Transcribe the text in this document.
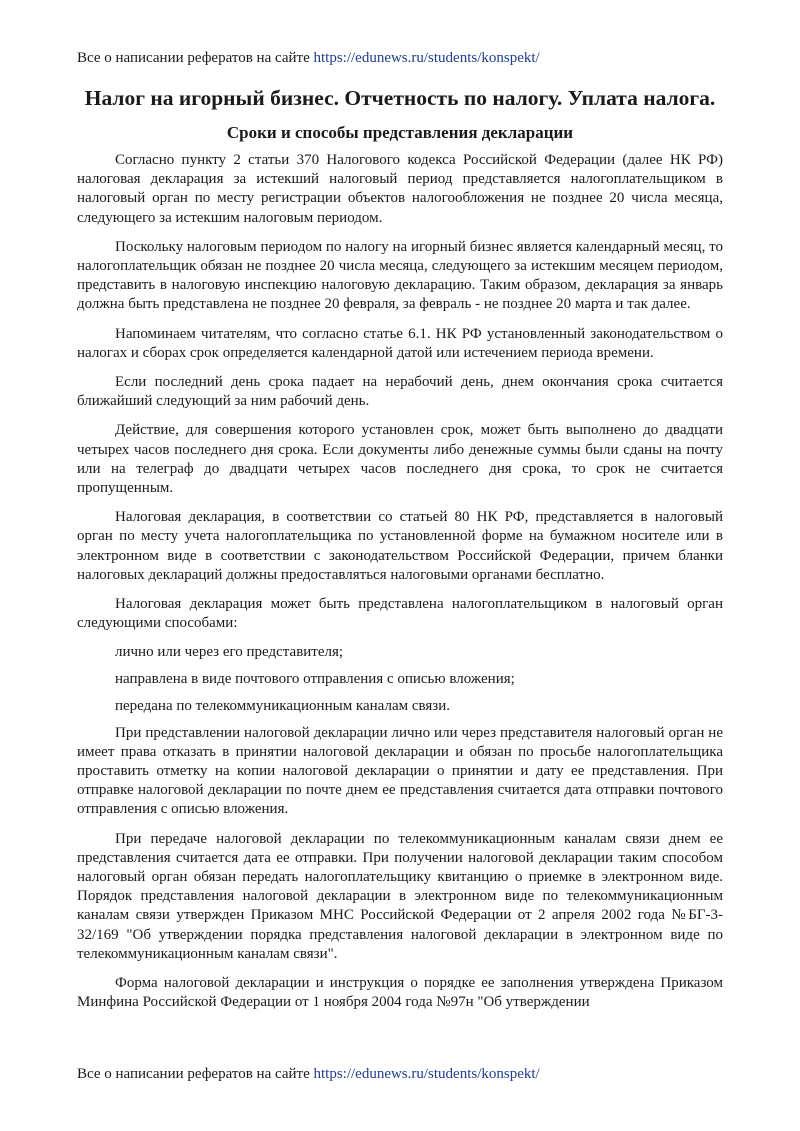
Все о написании рефератов на сайте https://edunews.ru/students/konspekt/
Налог на игорный бизнес. Отчетность по налогу. Уплата налога.
Сроки и способы представления декларации

Согласно пункту 2 статьи 370 Налогового кодекса Российской Федерации (далее НК РФ) налоговая декларация за истекший налоговый период представляется налогоплательщиком в налоговый орган по месту регистрации объектов налогообложения не позднее 20 числа месяца, следующего за истекшим налоговым периодом.

Поскольку налоговым периодом по налогу на игорный бизнес является календарный месяц, то налогоплательщик обязан не позднее 20 числа месяца, следующего за истекшим месяцем периодом, представить в налоговую инспекцию налоговую декларацию. Таким образом, декларация за январь должна быть представлена не позднее 20 февраля, за февраль - не позднее 20 марта и так далее.

Напоминаем читателям, что согласно статье 6.1. НК РФ установленный законодательством о налогах и сборах срок определяется календарной датой или истечением периода времени.

Если последний день срока падает на нерабочий день, днем окончания срока считается ближайший следующий за ним рабочий день.

Действие, для совершения которого установлен срок, может быть выполнено до двадцати четырех часов последнего дня срока. Если документы либо денежные суммы были сданы на почту или на телеграф до двадцати четырех часов последнего дня срока, то срок не считается пропущенным.

Налоговая декларация, в соответствии со статьей 80 НК РФ, представляется в налоговый орган по месту учета налогоплательщика по установленной форме на бумажном носителе или в электронном виде в соответствии с законодательством Российской Федерации, причем бланки налоговых деклараций должны предоставляться налоговыми органами бесплатно.

Налоговая декларация может быть представлена налогоплательщиком в налоговый орган следующими способами:

лично или через его представителя;

направлена в виде почтового отправления с описью вложения;

передана по телекоммуникационным каналам связи.

При представлении налоговой декларации лично или через представителя налоговый орган не имеет права отказать в принятии налоговой декларации и обязан по просьбе налогоплательщика проставить отметку на копии налоговой декларации о принятии и дату ее представления. При отправке налоговой декларации по почте днем ее представления считается дата отправки почтового отправления с описью вложения.

При передаче налоговой декларации по телекоммуникационным каналам связи днем ее представления считается дата ее отправки. При получении налоговой декларации таким способом налоговый орган обязан передать налогоплательщику квитанцию о приемке в электронном виде. Порядок представления налоговой декларации в электронном виде по телекоммуникационным каналам связи утвержден Приказом МНС Российской Федерации от 2 апреля 2002 года №БГ-3-32/169 "Об утверждении порядка представления налоговой декларации в электронном виде по телекоммуникационным каналам связи".

Форма налоговой декларации и инструкция о порядке ее заполнения утверждена Приказом Минфина Российской Федерации от 1 ноября 2004 года №97н "Об утверждении

Все о написании рефератов на сайте https://edunews.ru/students/konspekt/
